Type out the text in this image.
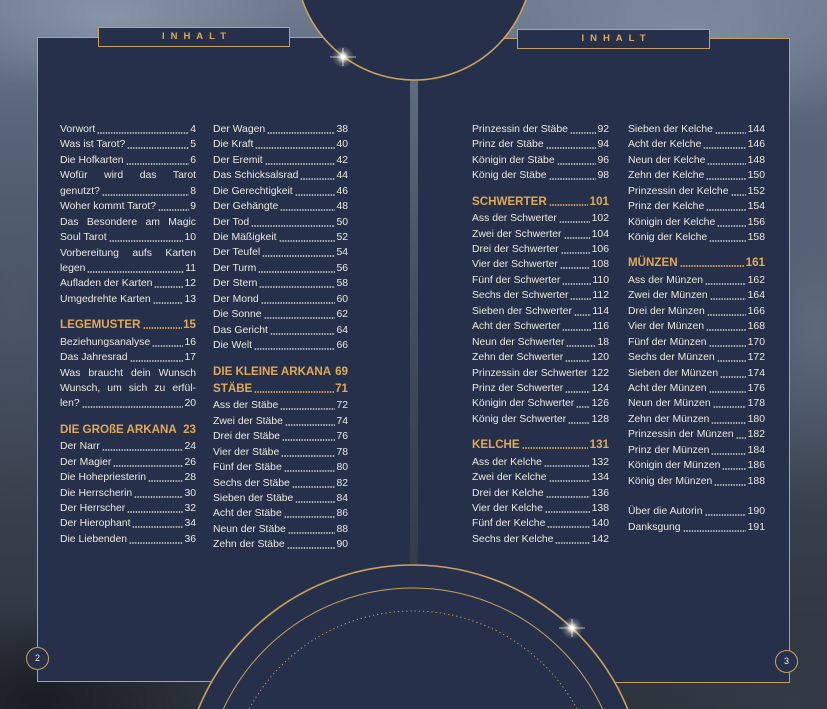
INHALT	INHALT
Vorwort	4
Was ist Tarot?	5
Die Hofkarten	6
Wofür wird das Tarot
genutzt?	8
Woher kommt Tarot?	9
Das Besondere am Magic
Soul Tarot	10
Vorbereitung aufs Karten
legen	11
Aufladen der Karten	12
Umgedrehte Karten	13
LEGEMUSTER	15
Beziehungsanalyse	16
Das Jahresrad	17
Was braucht dein Wunsch
Wunsch, um sich zu erfül-
len?	20
DIE GROßE ARKANA 23
Der Narr	24
Der Magier	26
Die Hohepriesterin	28
Die Herrscherin	30
Der Herrscher	32
Der Hierophant	34
Die Liebenden	36
Der Wagen	38
Die Kraft	40
Der Eremit	42
Das Schicksalsrad	44
Die Gerechtigkeit	46
Der Gehängte	48
Der Tod	50
Die Mäßigkeit	52
Der Teufel	54
Der Turm	56
Der Stern	58
Der Mond	60
Die Sonne	62
Das Gericht	64
Die Welt	66
DIE KLEINE ARKANA 69
STÄBE	71
Ass der Stäbe	72
Zwei der Stäbe	74
Drei der Stäbe	76
Vier der Stäbe	78
Fünf der Stäbe	80
Sechs der Stäbe	82
Sieben der Stäbe	84
Acht der Stäbe	86
Neun der Stäbe	88
Zehn der Stäbe	90
Prinzessin der Stäbe	92
Prinz der Stäbe	94
Königin der Stäbe	96
König der Stäbe	98
SCHWERTER	101
Ass der Schwerter	102
Zwei der Schwerter	104
Drei der Schwerter	106
Vier der Schwerter	108
Fünf der Schwerter	110
Sechs der Schwerter 112
Sieben der Schwerter 114
Acht der Schwerter	116
Neun der Schwerter	18
Zehn der Schwerter	120
Prinzessin der Schwerter 122
Prinz der Schwerter	124
Königin der Schwerter 126
König der Schwerter 128
KELCHE	131
Ass der Kelche	132
Zwei der Kelche	134
Drei der Kelche	136
Vier der Kelche	138
Fünf der Kelche	140
Sechs der Kelche	142
Sieben der Kelche	144
Acht der Kelche	146
Neun der Kelche	148
Zehn der Kelche	150
Prinzessin der Kelche 152
Prinz der Kelche	154
Königin der Kelche	156
König der Kelche	158
MÜNZEN	161
Ass der Münzen	162
Zwei der Münzen	164
Drei der Münzen	166
Vier der Münzen	168
Fünf der Münzen	170
Sechs der Münzen	172
Sieben der Münzen	174
Acht der Münzen	176
Neun der Münzen	178
Zehn der Münzen	180
Prinzessin der Münzen 182
Prinz der Münzen	184
Königin der Münzen	186
König der Münzen	188
Über die Autorin	190
Danksgung	191
2	3
